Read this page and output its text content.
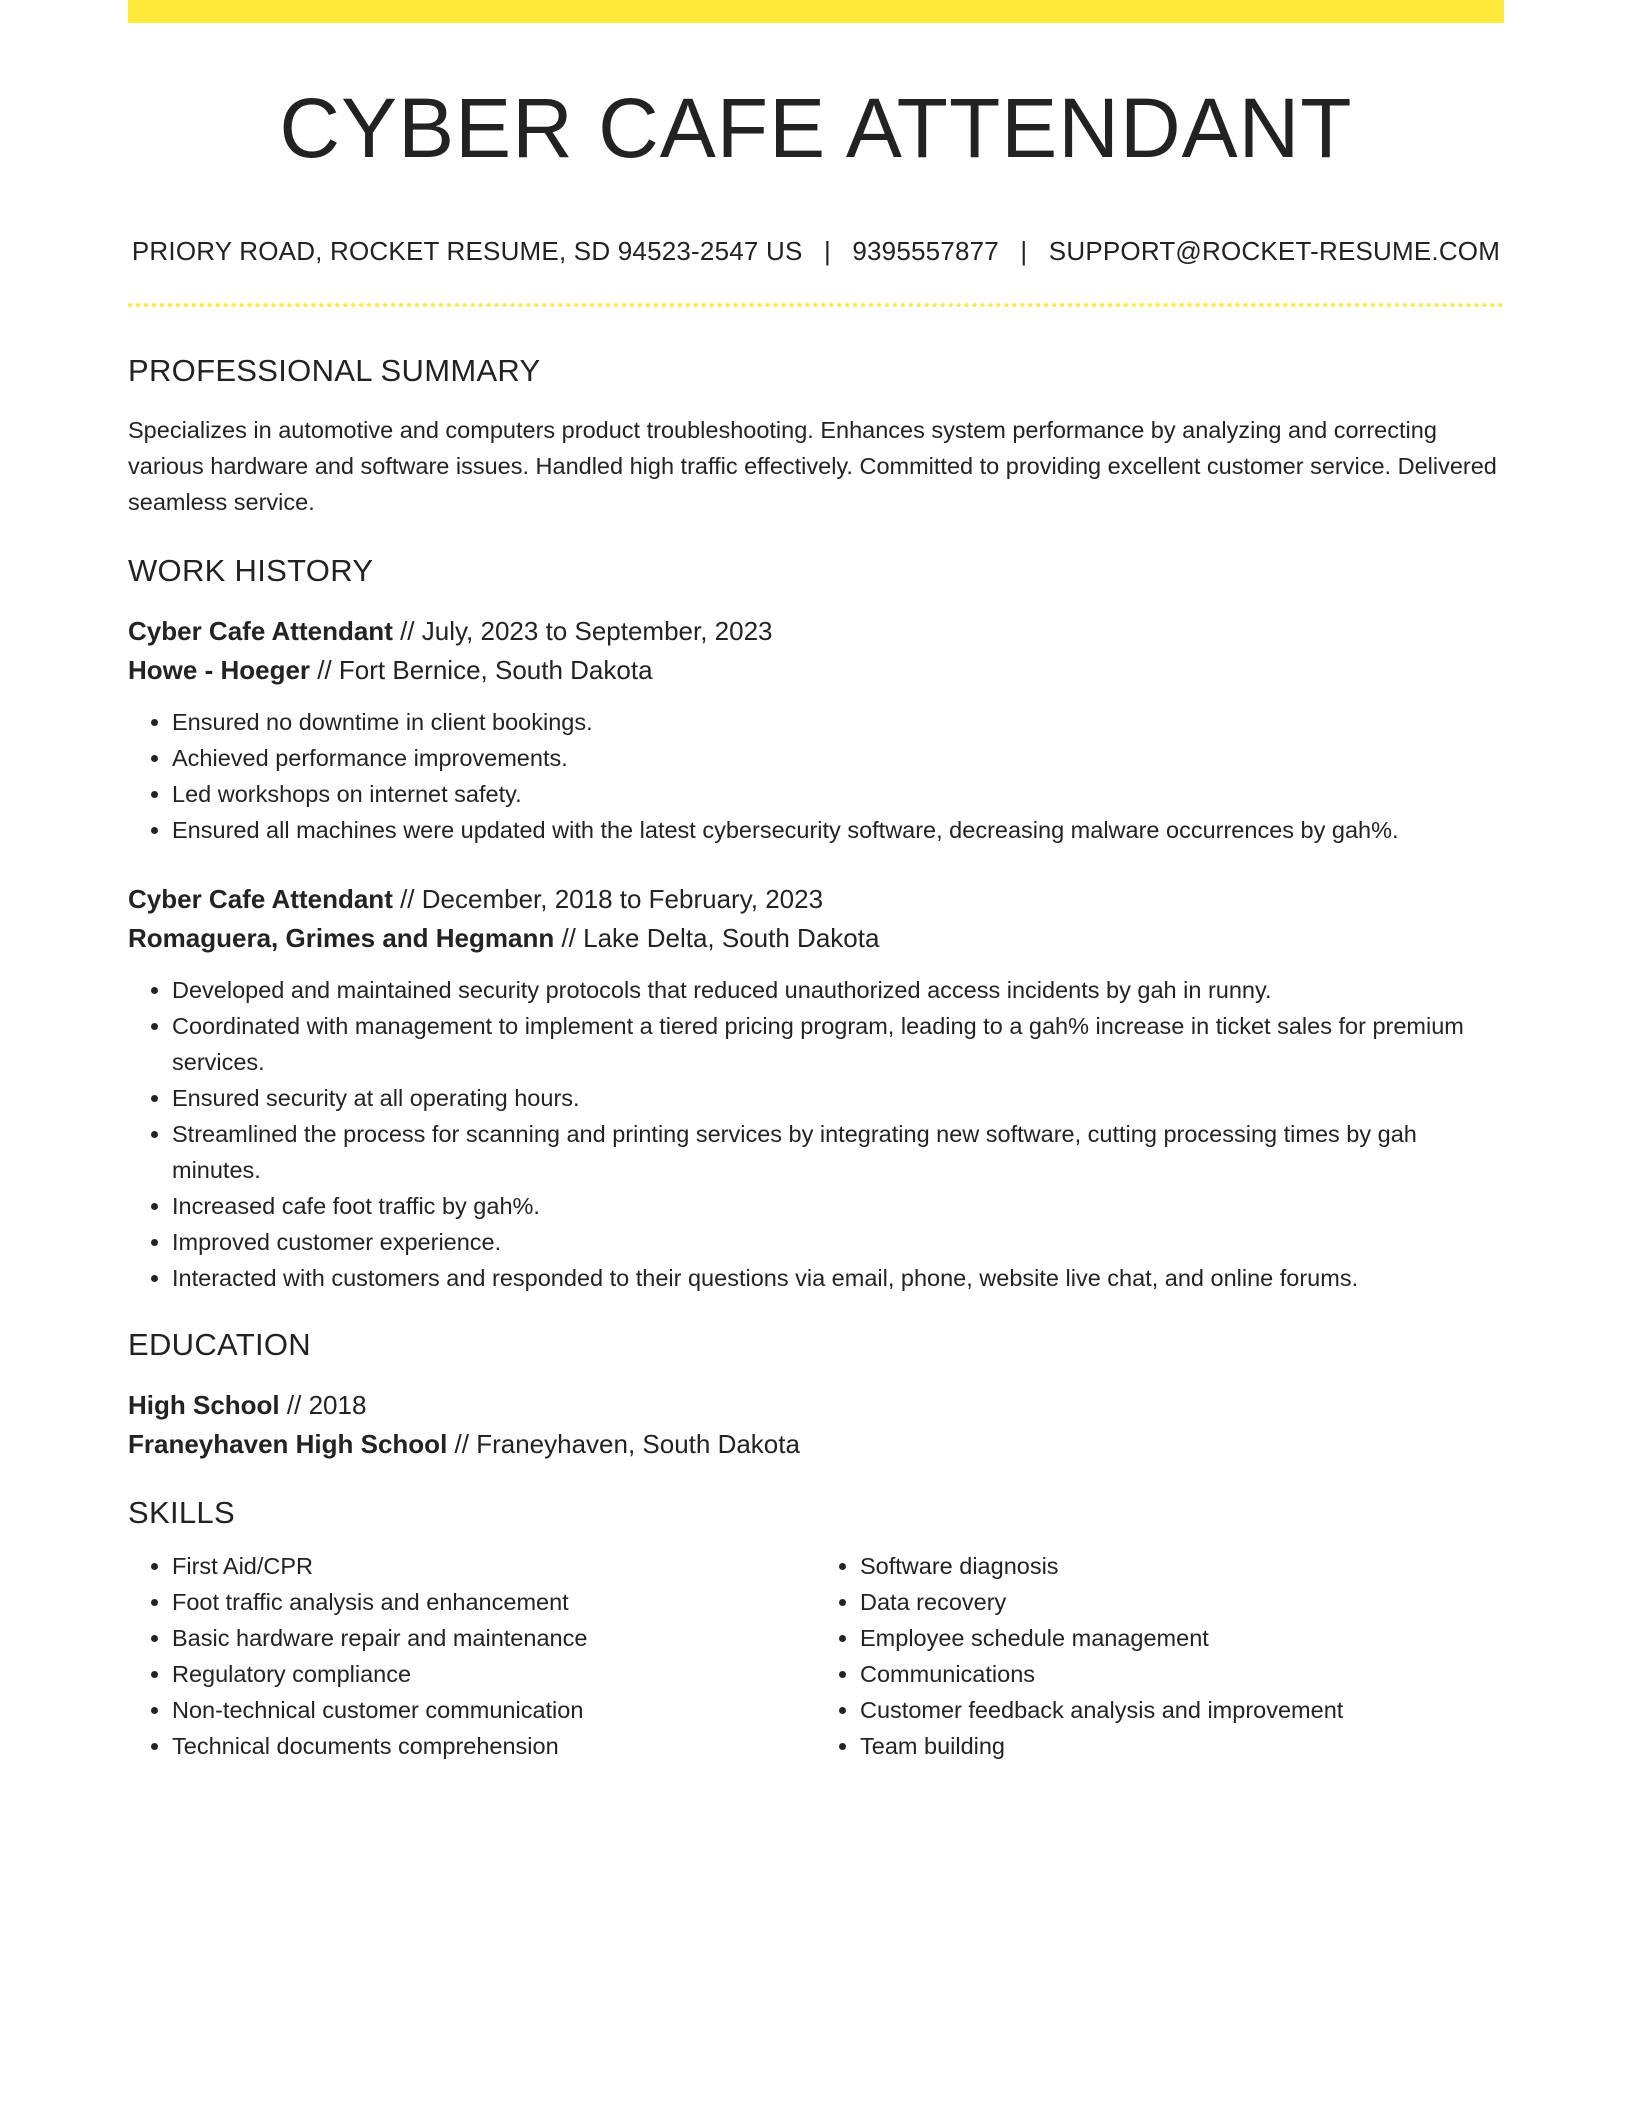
CYBER CAFE ATTENDANT
PRIORY ROAD, ROCKET RESUME, SD 94523-2547 US | 9395557877 | SUPPORT@ROCKET-RESUME.COM
PROFESSIONAL SUMMARY

Specializes in automotive and computers product troubleshooting. Enhances system performance by analyzing and correcting various hardware and software issues. Handled high traffic effectively. Committed to providing excellent customer service. Delivered seamless service.

WORK HISTORY
Cyber Cafe Attendant // July, 2023 to September, 2023
Howe - Hoeger // Fort Bernice, South Dakota
• Ensured no downtime in client bookings.
• Achieved performance improvements.
• Led workshops on internet safety.
• Ensured all machines were updated with the latest cybersecurity software, decreasing malware occurrences by gah%.
Cyber Cafe Attendant // December, 2018 to February, 2023
Romaguera, Grimes and Hegmann // Lake Delta, South Dakota
• Developed and maintained security protocols that reduced unauthorized access incidents by gah in runny.
• Coordinated with management to implement a tiered pricing program, leading to a gah% increase in ticket sales for premium services.
• Ensured security at all operating hours.
• Streamlined the process for scanning and printing services by integrating new software, cutting processing times by gah minutes.
• Increased cafe foot traffic by gah%.
• Improved customer experience.
• Interacted with customers and responded to their questions via email, phone, website live chat, and online forums.
EDUCATION
High School // 2018
Franeyhaven High School // Franeyhaven, South Dakota
SKILLS
• First Aid/CPR
• Foot traffic analysis and enhancement
• Basic hardware repair and maintenance
• Regulatory compliance
• Non-technical customer communication
• Technical documents comprehension
• Software diagnosis
• Data recovery
• Employee schedule management
• Communications
• Customer feedback analysis and improvement
• Team building
